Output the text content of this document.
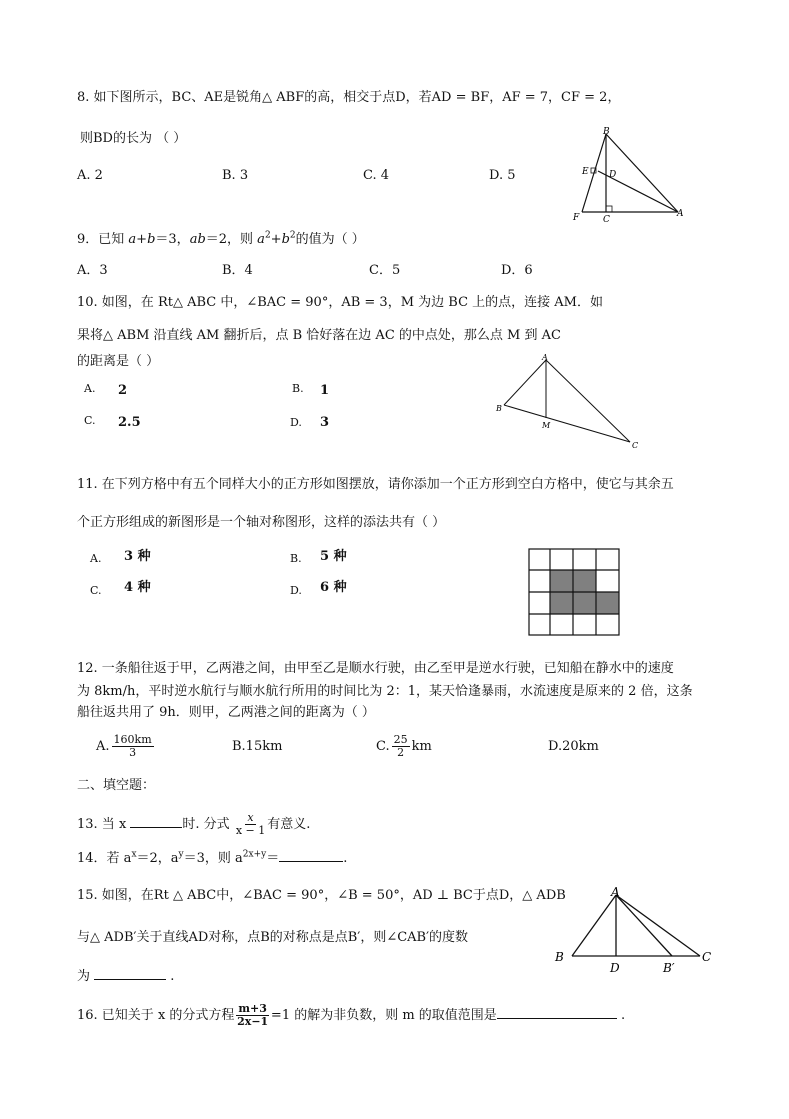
8. 如下图所示，BC、AE是锐角△ ABF的高，相交于点D，若AD = BF，AF = 7，CF = 2，
则BD的长为 （ ）
A. 2	B. 3	C. 4	D. 5
B
E D
F	C
A
9．已知 a+b＝3，ab＝2，则 $a^2+b^2$的值为（ ）
A．3	B．4	C．5	D．6
10. 如图，在 Rt△ ABC 中，∠BAC = 90°，AB = 3，M 为边 BC 上的点，连接 AM．如
果将△ ABM 沿直线 AM 翻折后，点 B 恰好落在边 AC 的中点处，那么点 M 到 AC
的距离是（ ）
A. 2	B. 1
C. 2.5	D. 3
A
B
M
C
11. 在下列方格中有五个同样大小的正方形如图摆放，请你添加一个正方形到空白方格中，使它与其余五
个正方形组成的新图形是一个轴对称图形，这样的添法共有（ ）
A. 3 种	B. 5 种
C. 4 种	D. 6 种
12. 一条船往返于甲，乙两港之间，由甲至乙是顺水行驶，由乙至甲是逆水行驶，已知船在静水中的速度
为 8km/h，平时逆水航行与顺水航行所用的时间比为 2：1，某天恰逢暴雨，水流速度是原来的 2 倍，这条
船往返共用了 9h．则甲，乙两港之间的距离为（ ）
A. $\frac{160km}{3}$	B.15km	C. $\frac{25}{2}$ km	D.20km
二、填空题：
13. 当 x	时. 分式 $\frac{x}{x - 1}$ 有意义.
14．若 $a^x=2$，$a^y=3$，则 $a^{2x+y}=$	.
15. 如图，在Rt △ ABC中，∠BAC = 90°，∠B = 50°，AD ⊥ BC于点D，△ ADB
与△ ADB′关于直线AD对称，点B的对称点是点B′，则∠CAB′的度数
为	.
A
B
D	B′
C
16. 已知关于 x 的分式方程 $\frac{m+3}{2x-1} =1$ 的解为非负数，则 m 的取值范围是	.
